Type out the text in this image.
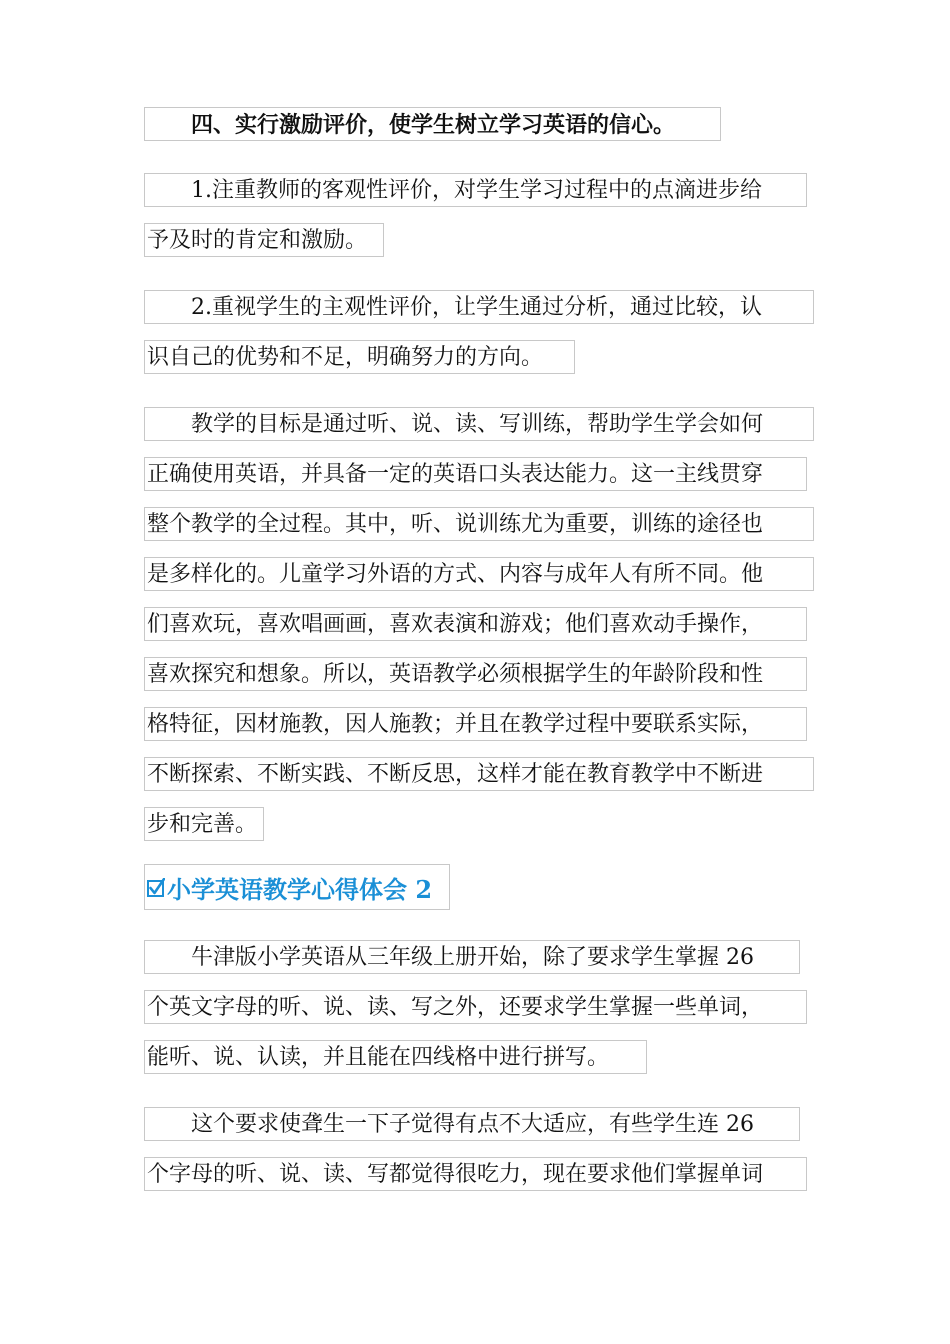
四、实行激励评价，使学生树立学习英语的信心。
1.注重教师的客观性评价，对学生学习过程中的点滴进步给
予及时的肯定和激励。
2.重视学生的主观性评价，让学生通过分析，通过比较，认
识自己的优势和不足，明确努力的方向。
教学的目标是通过听、说、读、写训练，帮助学生学会如何
正确使用英语，并具备一定的英语口头表达能力。这一主线贯穿
整个教学的全过程。其中，听、说训练尤为重要，训练的途径也
是多样化的。儿童学习外语的方式、内容与成年人有所不同。他
们喜欢玩，喜欢唱画画，喜欢表演和游戏；他们喜欢动手操作，
喜欢探究和想象。所以，英语教学必须根据学生的年龄阶段和性
格特征，因材施教，因人施教；并且在教学过程中要联系实际，
不断探索、不断实践、不断反思，这样才能在教育教学中不断进
步和完善。
小学英语教学心得体会 2
牛津版小学英语从三年级上册开始，除了要求学生掌握 26
个英文字母的听、说、读、写之外，还要求学生掌握一些单词，
能听、说、认读，并且能在四线格中进行拼写。
这个要求使聋生一下子觉得有点不大适应，有些学生连 26
个字母的听、说、读、写都觉得很吃力，现在要求他们掌握单词
